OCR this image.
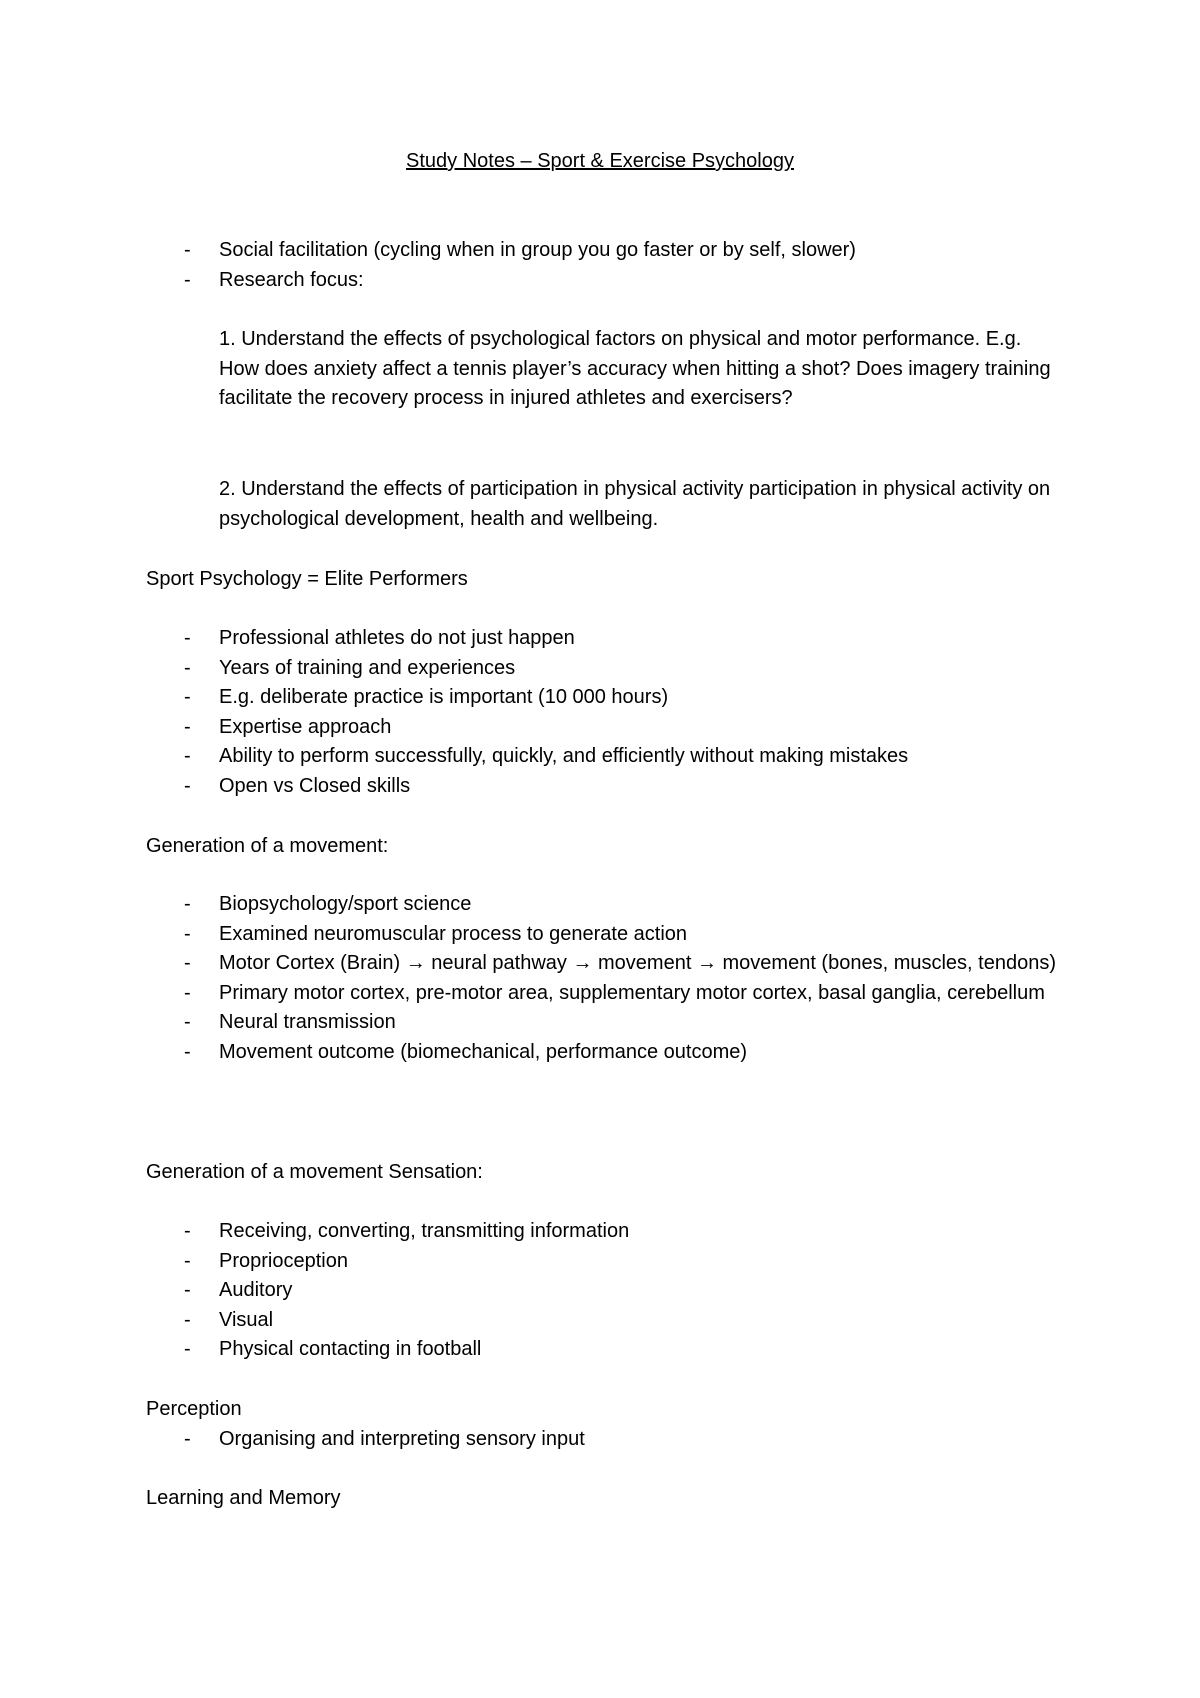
Study Notes – Sport & Exercise Psychology
- Social facilitation (cycling when in group you go faster or by self, slower)
- Research focus:
1. Understand the effects of psychological factors on physical and motor performance. E.g. How does anxiety affect a tennis player’s accuracy when hitting a shot? Does imagery training facilitate the recovery process in injured athletes and exercisers?
2. Understand the effects of participation in physical activity participation in physical activity on psychological development, health and wellbeing.
Sport Psychology = Elite Performers
- Professional athletes do not just happen
- Years of training and experiences
- E.g. deliberate practice is important (10 000 hours)
- Expertise approach
- Ability to perform successfully, quickly, and efficiently without making mistakes
- Open vs Closed skills
Generation of a movement:
- Biopsychology/sport science
- Examined neuromuscular process to generate action
- Motor Cortex (Brain) → neural pathway → movement → movement (bones, muscles, tendons)
- Primary motor cortex, pre-motor area, supplementary motor cortex, basal ganglia, cerebellum
- Neural transmission
- Movement outcome (biomechanical, performance outcome)
Generation of a movement Sensation:
- Receiving, converting, transmitting information
- Proprioception
- Auditory
- Visual
- Physical contacting in football
Perception
- Organising and interpreting sensory input
Learning and Memory
